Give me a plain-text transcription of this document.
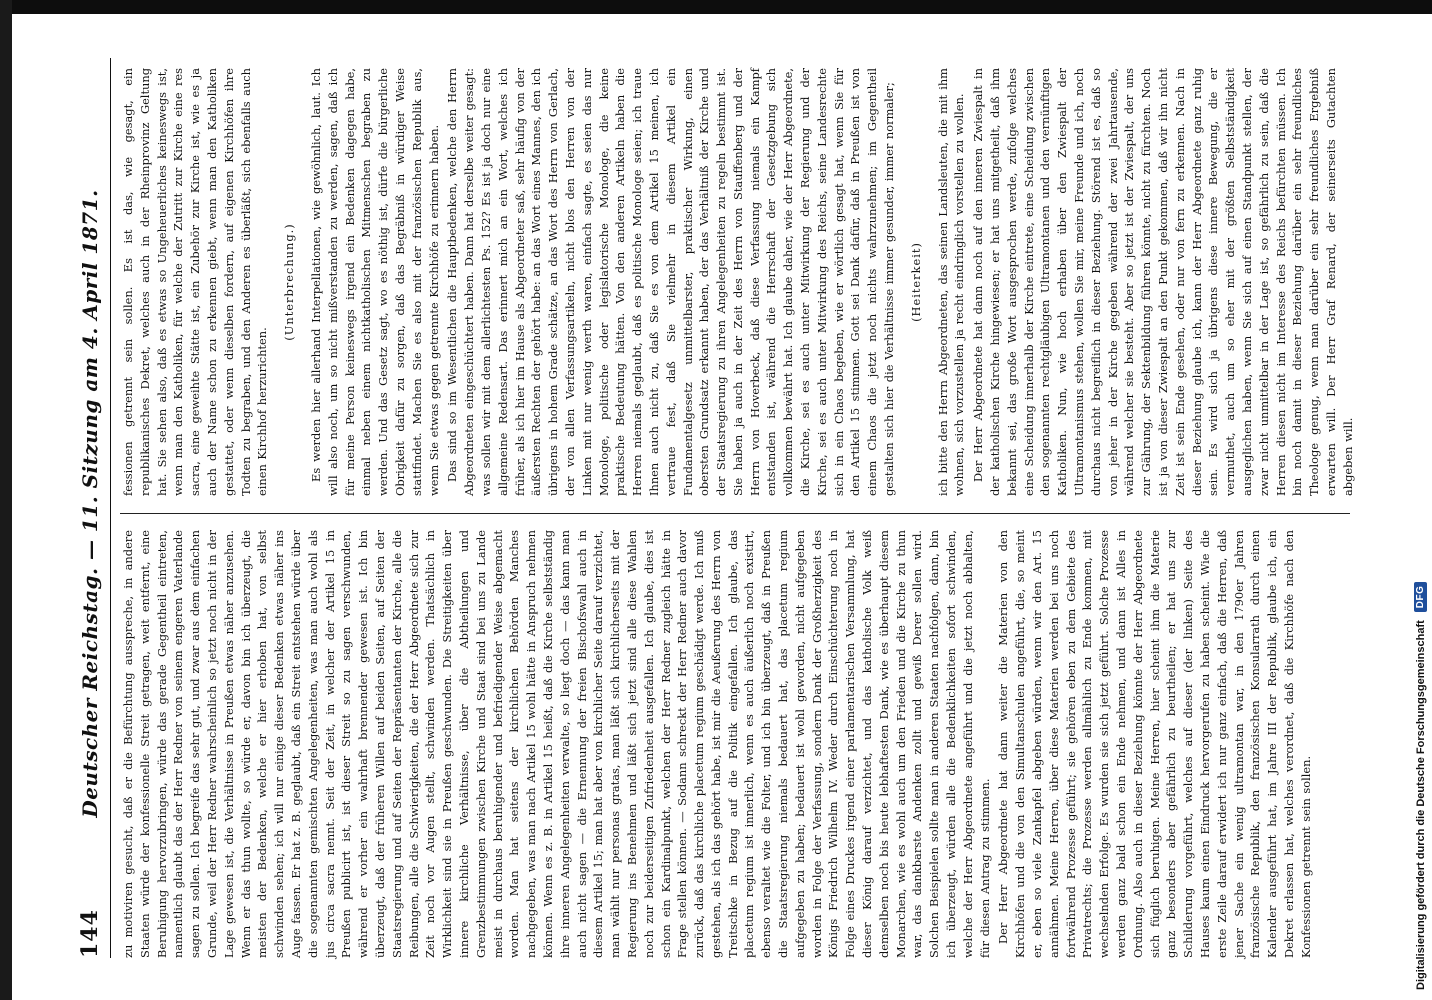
144
Deutscher Reichstag. — 11. Sitzung am 4. April 1871. zu motiviren gesucht, daß er die Befürchtung ausspreche, in andere Staaten würde der konfessionelle Streit getragen, weit entfernt, eine Beruhigung hervorzubringen, würde das gerade Gegentheil eintreten, namentlich glaubt das der Herr Redner von seinem engeren Vaterlande sagen zu sollen. Ich begreife das sehr gut, und zwar aus dem einfachen Grunde, weil der Herr Redner wahrscheinlich so jetzt noch nicht in der Lage gewesen ist, die Verhältnisse in Preußen etwas näher anzusehen. Wenn er das thun wollte, so würde er, davon bin ich überzeugt, die meisten der Bedenken, welche er hier erhoben hat, von selbst schwinden sehen; ich will nur einige dieser Bedenken etwas näher ins Auge fassen. Er hat z. B. geglaubt, daß ein Streit entstehen würde über die sogenannten gemischten Angelegenheiten, was man auch wohl als jus circa sacra nennt. Seit der Zeit, in welcher der Artikel 15 in Preußen publicirt ist, ist dieser Streit so zu sagen verschwunden, während er vorher ein wahrhaft brennender gewesen ist. Ich bin überzeugt, daß der früheren Willen auf beiden Seiten, auf Seiten der Staatsregierung und auf Seiten der Repräsentanten der Kirche, alle die Reibungen, alle die Schwierigkeiten, die der Herr Abgeordnete sich zur Zeit noch vor Augen stellt, schwinden werden. Thatsächlich in Wirklichkeit sind sie in Preußen geschwunden. Die Streitigkeiten über innere kirchliche Verhältnisse, über die Abtheilungen und Grenzbestimmungen zwischen Kirche und Staat sind bei uns zu Lande meist in durchaus beruhigender und befriedigender Weise abgemacht worden. Man hat seitens der kirchlichen Behörden Manches nachgegeben, was man nach Artikel 15 wohl hätte in Anspruch nehmen können. Wenn es z. B. in Artikel 15 heißt, daß die Kirche selbstständig ihre inneren Angelegenheiten verwalte, so liegt doch — das kann man auch nicht sagen — die Ernennung der freien Bischofswahl auch in diesem Artikel 15; man hat aber von kirchlicher Seite darauf verzichtet, man wählt nur personas gratas, man läßt sich kirchlicherseits mit der Regierung ins Benehmen und läßt sich jetzt sind alle diese Wahlen noch zur beiderseitigen Zufriedenheit ausgefallen. Ich glaube, dies ist schon ein Kardinalpunkt, welchen der Herr Redner zugleich hätte in Frage stellen können. — Sodann schreckt der Herr Redner auch davor zurück, daß das kirchliche placetum regium geschädigt werde. Ich muß gestehen, als ich das gehört habe, ist mir die Aeußerung des Herrn von Treitschke in Bezug auf die Politik eingefallen. Ich glaube, das placetum regium ist innerlich, wenn es auch äußerlich noch existirt, ebenso veraltet wie die Folter, und ich bin überzeugt, daß in Preußen die Staatsregierung niemals bedauert hat, das placetum regium aufgegeben zu haben; bedauert ist wohl geworden, nicht aufgegeben worden in Folge der Verfassung, sondern Dank der Großherzigkeit des Königs Friedrich Wilhelm IV. Weder durch Einschüchterung noch in Folge eines Druckes irgend einer parlamentarischen Versammlung, hat dieser König darauf verzichtet, und das katholische Volk weiß demselben noch bis heute lebhaftesten Dank, wie es überhaupt diesem Monarchen, wie es wohl auch um den Frieden und die Kirche zu thun war, das dankbarste Andenken zollt und gewiß Derer sollen wird. Solchen Beispielen sollte man in anderen Staaten nachfolgen, dann, bin ich überzeugt, würden alle die Bedenklichkeiten sofort schwinden, welche der Herr Abgeordnete angeführt und die jetzt noch abhalten, für diesen Antrag zu stimmen. Der Herr Abgeordnete hat dann weiter die Materien von den Kirchhöfen und die von den Simultanschulen angeführt, die, so meint er, eben so viele Zankapfel abgeben würden, wenn wir den Art. 15 annähmen. Meine Herren, über diese Materien werden bei uns noch fortwährend Prozesse geführt; sie gehören eben zu dem Gebiete des Privatrechts; die Prozesse werden allmählich zu Ende kommen, mit wechselnden Erfolge. Es wurden sie sich jetzt geführt. Solche Prozesse werden ganz bald schon ein Ende nehmen, und dann ist Alles in Ordnung. Also auch in dieser Beziehung könnte der Herr Abgeordnete sich füglich beruhigen. Meine Herren, hier scheint ihm die Materie ganz besonders aber gefährlich zu beurtheilen; er hat uns zur Schilderung vorgeführt, welches auf dieser (der linken) Seite des Hauses kaum einen Eindruck hervorgerufen zu haben scheint. Wie die erste Zeile darauf erwidert ich nur ganz einfach, daß die Herren, daß jener Sache ein wenig ultramontan war, in den 1790er Jahren französische Republik, den französischen Konsularrath durch einen Kalender ausgeführt hat, im Jahre III der Republik, glaube ich, ein Dekret erlassen hat, welches verordnet, daß die Kirchhöfe nach den Konfessionen getrennt sein sollen.

fessionen getrennt sein sollen. Es ist das, wie gesagt, ein republikanisches Dekret, welches auch in der Rheinprovinz Geltung hat. Sie sehen also, daß es etwas so Ungeheuerliches keineswegs ist, wenn man den Katholiken, für welche der Zutritt zur Kirche eine res sacra, eine geweihte Stätte ist, ein Zubehör zur Kirche ist, wie es ja auch der Name schon zu erkennen giebt, wenn man den Katholiken gestattet, oder wenn dieselben fordern, auf eigenen Kirchhöfen ihre Todten zu begraben, und den Anderen es überläßt, sich ebenfalls auch einen Kirchhof herzurichten.

(Unterbrechung.) Es werden hier allerhand Interpellationen, wie gewöhnlich, laut. Ich will also noch, um so nicht mißverstanden zu werden, sagen, daß ich für meine Person keineswegs irgend ein Bedenken dagegen habe, einmal neben einem nichtkatholischen Mitmenschen begraben zu werden. Und das Gesetz sagt, wo es nöthig ist, dürfe die bürgerliche Obrigkeit dafür zu sorgen, daß das Begräbniß in würdiger Weise stattfindet. Machen Sie es also mit der französischen Republik aus, wenn Sie etwas gegen getrennte Kirchhöfe zu erinnern haben. Das sind so im Wesentlichen die Hauptbedenken, welche den Herrn Abgeordneten eingeschüchtert haben. Dann hat derselbe weiter gesagt: was sollen wir mit dem allerlichtesten Ps. 152? Es ist ja doch nur eine allgemeine Redensart. Das erinnert mich an ein Wort, welches ich früher, als ich hier im Hause als Abgeordneter saß, sehr häufig von der äußersten Rechten der gehört habe: an das Wort eines Mannes, den ich übrigens in hohem Grade schätze, an das Wort des Herrn von Gerlach, der von allen Verfassungsartikeln, nicht blos den Herren von der Linken mit nur wenig werth waren, einfach sagte, es seien das nur Monologe, politische oder legislatorische Monologe, die keine praktische Bedeutung hätten. Von den anderen Artikeln haben die Herren niemals geglaubt, daß es politische Monologe seien; ich traue Ihnen auch nicht zu, daß Sie es von dem Artikel 15 meinen, ich vertraue fest, daß Sie vielmehr in diesem Artikel ein Fundamentalgesetz unmittelbarster, praktischer Wirkung, einen obersten Grundsatz erkannt haben, der das Verhältniß der Kirche und der Staatsregierung zu ihren Angelegenheiten zu regeln bestimmt ist. Sie haben ja auch in der Zeit des Herrn von Stauffenberg und der Herrn von Hoverbeck, daß diese Verfassung niemals ein Kampf entstanden ist, während die Herrschaft der Gesetzgebung sich vollkommen bewährt hat. Ich glaube daher, wie der Herr Abgeordnete, die Kirche, sei es auch unter Mitwirkung der Regierung und der Kirche, sei es auch unter Mitwirkung des Reichs, seine Landesrechte sich in ein Chaos begeben, wie er wörtlich gesagt hat, wenn Sie für den Artikel 15 stimmen. Gott sei Dank dafür, daß in Preußen ist von einem Chaos die jetzt noch nichts wahrzunehmen; im Gegentheil gestalten sich hier die Verhältnisse immer gesunder, immer normaler; (Heiterkeit) ich bitte den Herrn Abgeordneten, das seinen Landsleuten, die mit ihm wohnen, sich vorzustellen ja recht eindringlich vorstellen zu wollen. Der Herr Abgeordnete hat dann noch auf den inneren Zwiespalt in der katholischen Kirche hingewiesen; er hat uns mitgetheilt, daß ihm bekannt sei, das große Wort ausgesprochen werde, zufolge welches eine Scheidung innerhalb der Kirche eintrete, eine Scheidung zwischen den sogenannten rechtgläubigen Ultramontanen und den vernünftigen Katholiken. Nun, wie hoch erhaben über den Zwiespalt der Ultramontanismus stehen, wollen Sie mir, meine Freunde und ich, noch durchaus nicht begreiflich in dieser Beziehung. Störend ist es, daß so von jeher in der Kirche gegeben während der zwei Jahrtausende, während welcher sie besteht. Aber so jetzt ist der Zwiespalt, der uns zur Gährung, der Sektenbildung führen könnte, nicht zu fürchten. Noch ist ja von dieser Zwiespalt an den Punkt gekommen, daß wir ihn nicht Zeit ist sein Ende gesehen, oder nur von fern zu erkennen. Nach in dieser Beziehung glaube ich, kann der Herr Abgeordnete ganz ruhig sein. Es wird sich ja übrigens diese innere Bewegung, die er vermuthet, auch um so eher mit der größten Selbstständigkeit ausgeglichen haben, wenn Sie sich auf einen Standpunkt stellen, der zwar nicht unmittelbar in der Lage ist, so gefährlich zu sein, daß die Herren diesen nicht im Interesse des Reichs befürchten müssen. Ich bin noch damit in dieser Beziehung darüber ein sehr freundliches Theologe genug, wenn man darüber ein sehr freundliches Ergebniß erwarten will. Der Herr Graf Renard, der seinerseits Gutachten abgeben will.

Digitalisierung gefördert durch die Deutsche Forschungsgemeinschaft
DFG
